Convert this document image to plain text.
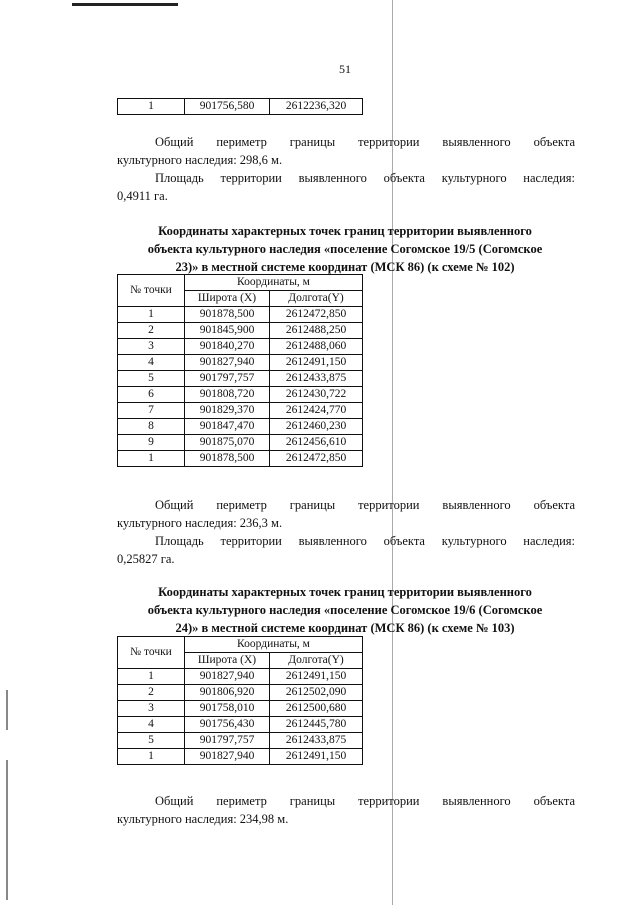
51
1	901756,580	2612236,320
Общий периметр границы территории выявленного объекта
культурного наследия: 298,6 м.
Площадь территории выявленного объекта культурного наследия:
0,4911 га.
Координаты характерных точек границ территории выявленного
объекта культурного наследия «поселение Согомское 19/5 (Согомское
23)» в местной системе координат (МСК 86) (к схеме № 102)
№ точки	Координаты, м	
	Широта (X)	Долгота(Y)
1	901878,500	2612472,850
2	901845,900	2612488,250
3	901840,270	2612488,060
4	901827,940	2612491,150
5	901797,757	2612433,875
6	901808,720	2612430,722
7	901829,370	2612424,770
8	901847,470	2612460,230
9	901875,070	2612456,610
1	901878,500	2612472,850
Общий периметр границы территории выявленного объекта
культурного наследия: 236,3 м.
Площадь территории выявленного объекта культурного наследия:
0,25827 га.
Координаты характерных точек границ территории выявленного
объекта культурного наследия «поселение Согомское 19/6 (Согомское
24)» в местной системе координат (МСК 86) (к схеме № 103)
№ точки	Координаты, м	
	Широта (X)	Долгота(Y)
1	901827,940	2612491,150
2	901806,920	2612502,090
3	901758,010	2612500,680
4	901756,430	2612445,780
5	901797,757	2612433,875
1	901827,940	2612491,150
Общий периметр границы территории выявленного объекта
культурного наследия: 234,98 м.
